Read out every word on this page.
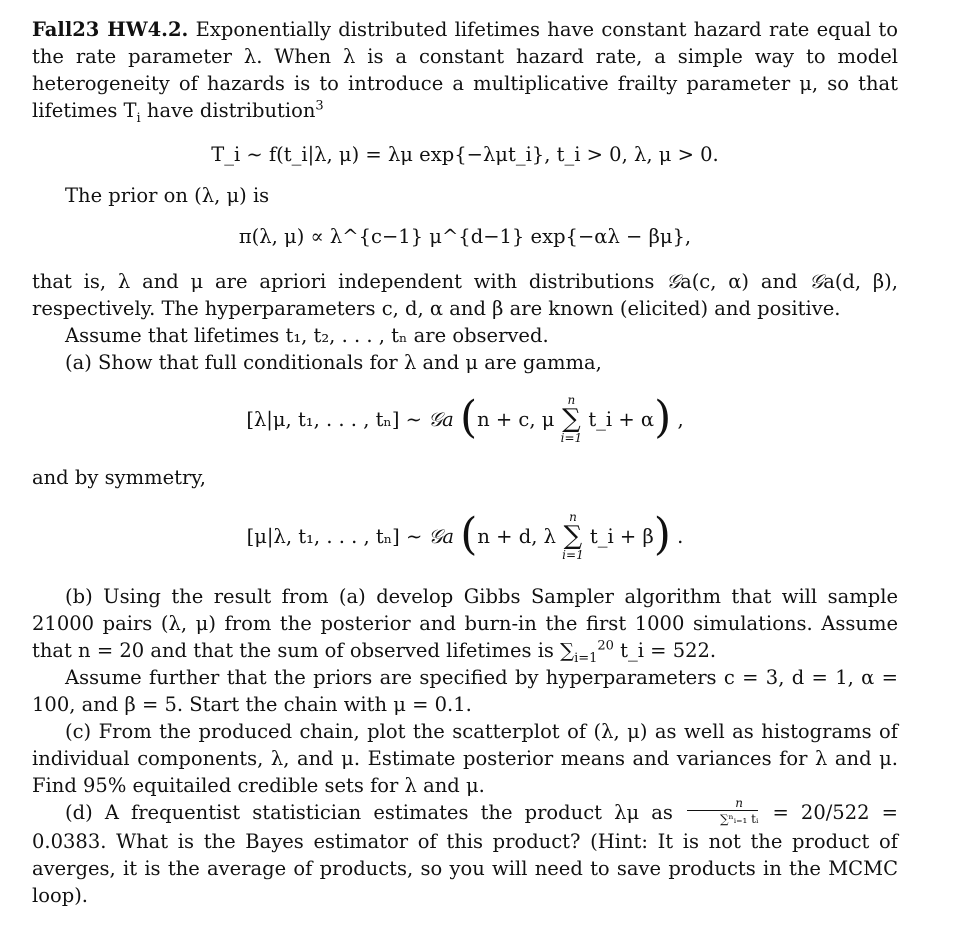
Fall23 HW4.2. Exponentially distributed lifetimes have constant hazard rate equal to the rate parameter λ. When λ is a constant hazard rate, a simple way to model heterogeneity of hazards is to introduce a multiplicative frailty parameter μ, so that lifetimes $T_i$ have distribution$^3$

T_i ∼ f(t_i|λ, μ) = λμ exp{−λμt_i}, t_i > 0, λ, μ > 0.

The prior on (λ, μ) is

π(λ, μ) ∝ λ^{c−1} μ^{d−1} exp{−αλ − βμ},

that is, λ and μ are apriori independent with distributions 𝒢a(c, α) and 𝒢a(d, β), respectively. The hyperparameters c, d, α and β are known (elicited) and positive.

Assume that lifetimes t₁, t₂, . . . , tₙ are observed.

(a) Show that full conditionals for λ and μ are gamma,

[λ|μ, t₁, . . . , tₙ] ∼ 𝒢a (n + c, μ
n
∑
i=1
t_i + α) ,

and by symmetry,

[μ|λ, t₁, . . . , tₙ] ∼ 𝒢a (n + d, λ
n
∑
i=1
t_i + β) .

(b) Using the result from (a) develop Gibbs Sampler algorithm that will sample 21000 pairs (λ, μ) from the posterior and burn-in the first 1000 simulations. Assume that n = 20 and that the sum of observed lifetimes is $\sum_{i=1}^{20}$ t_i = 522.

Assume further that the priors are specified by hyperparameters c = 3, d = 1, α = 100, and β = 5. Start the chain with μ = 0.1.

(c) From the produced chain, plot the scatterplot of (λ, μ) as well as histograms of individual components, λ, and μ. Estimate posterior means and variances for λ and μ. Find 95% equitailed credible sets for λ and μ.

(d) A frequentist statistician estimates the product λμ as $\frac{n}{\text{∑ⁿᵢ₌₁ tᵢ}} = 20/522 = 0.0383$. What is the Bayes estimator of this product? (Hint: It is not the product of averges, it is the average of products, so you will need to save products in the MCMC loop).
